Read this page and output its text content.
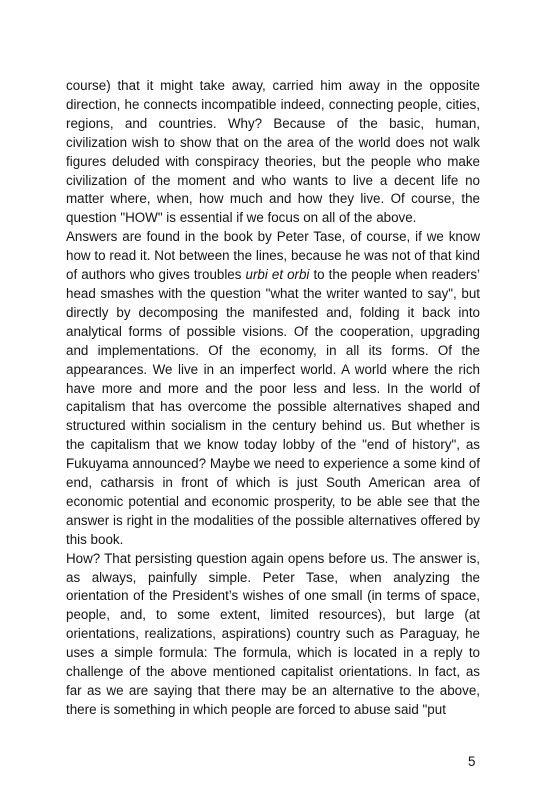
course) that it might take away, carried him away in the opposite direction, he connects incompatible indeed, connecting people, cities, regions, and countries. Why? Because of the basic, human, civilization wish to show that on the area of the world does not walk figures deluded with conspiracy theories, but the people who make civilization of the moment and who wants to live a decent life no matter where, when, how much and how they live. Of course, the question "HOW" is essential if we focus on all of the above.

Answers are found in the book by Peter Tase, of course, if we know how to read it. Not between the lines, because he was not of that kind of authors who gives troubles urbi et orbi to the people when readers’ head smashes with the question "what the writer wanted to say", but directly by decomposing the manifested and, folding it back into analytical forms of possible visions. Of the cooperation, upgrading and implementations. Of the economy, in all its forms. Of the appearances. We live in an imperfect world. A world where the rich have more and more and the poor less and less. In the world of capitalism that has overcome the possible alternatives shaped and structured within socialism in the century behind us. But whether is the capitalism that we know today lobby of the "end of history", as Fukuyama announced? Maybe we need to experience a some kind of end, catharsis in front of which is just South American area of economic potential and economic prosperity, to be able see that the answer is right in the modalities of the possible alternatives offered by this book.

How? That persisting question again opens before us. The answer is, as always, painfully simple. Peter Tase, when analyzing the orientation of the President’s wishes of one small (in terms of space, people, and, to some extent, limited resources), but large (at orientations, realizations, aspirations) country such as Paraguay, he uses a simple formula: The formula, which is located in a reply to challenge of the above mentioned capitalist orientations. In fact, as far as we are saying that there may be an alternative to the above, there is something in which people are forced to abuse said "put

5
